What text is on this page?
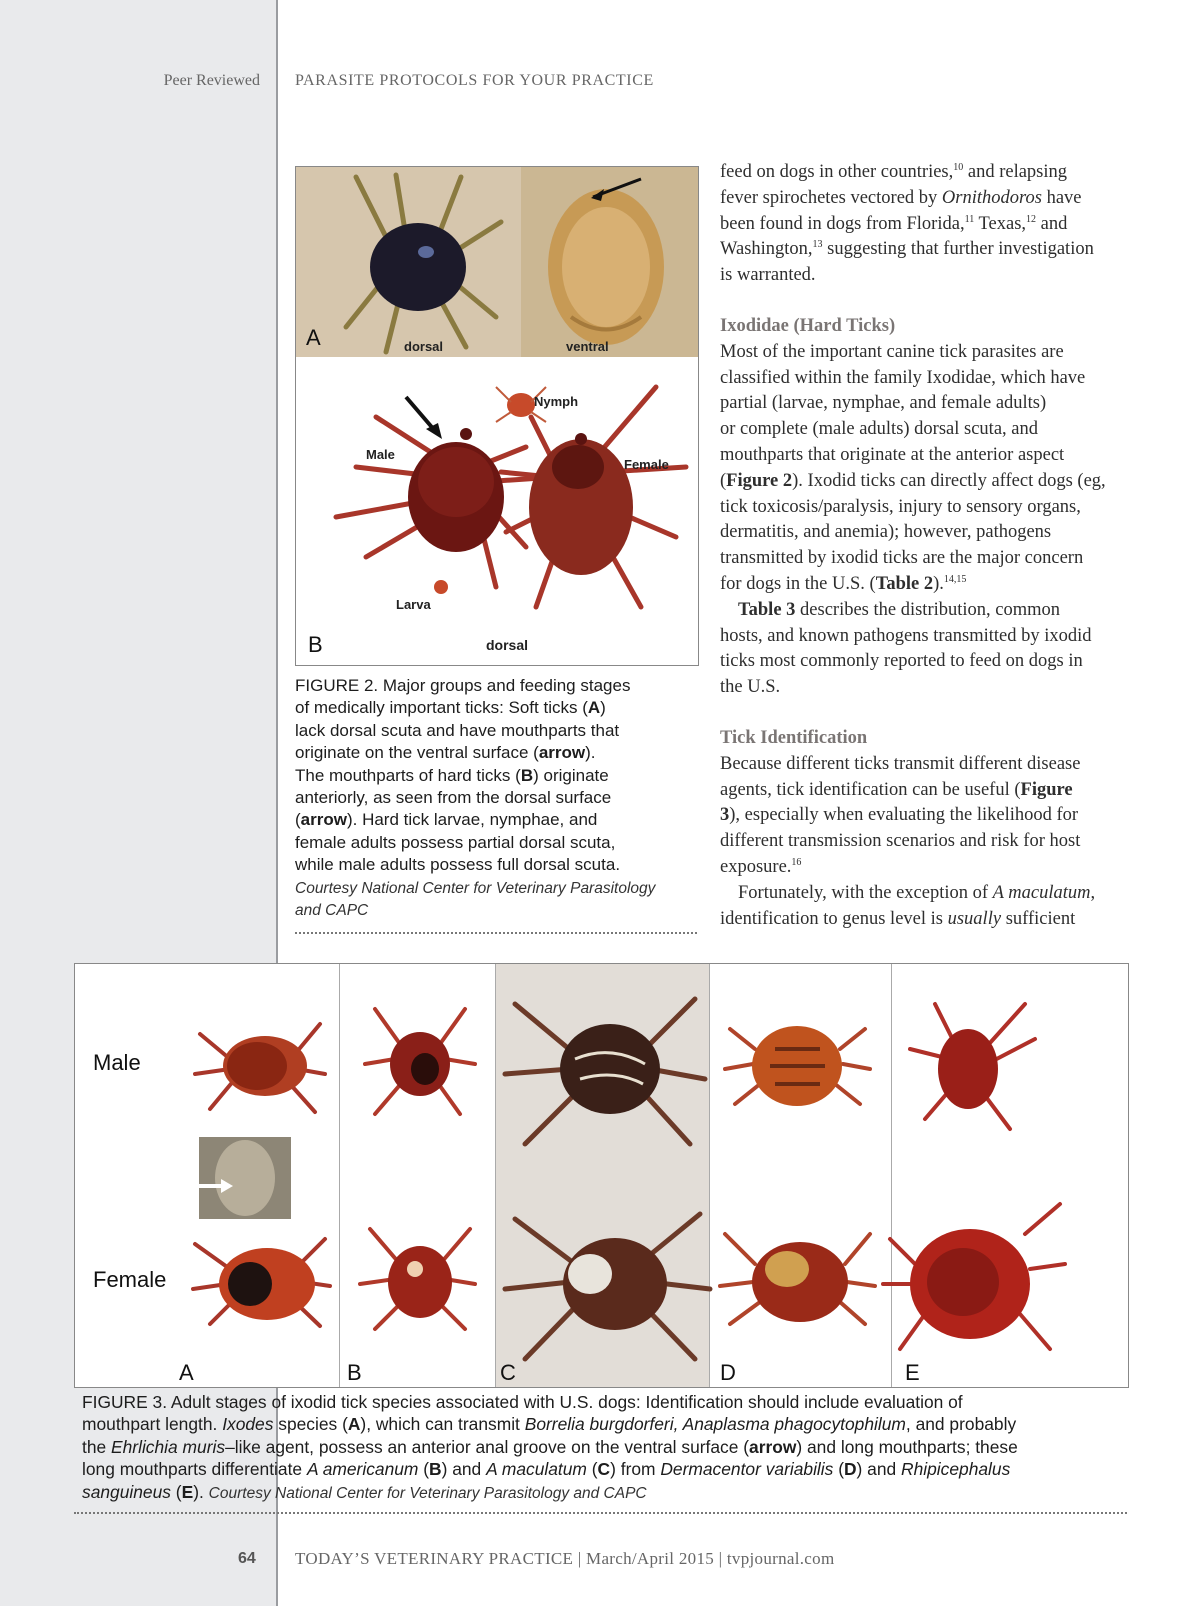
Peer Reviewed PARASITE PROTOCOLS FOR YOUR PRACTICE
A	dorsal	ventral
Male
Female
Nymph
Larva
B	dorsal
FIGURE 2. Major groups and feeding stages
of medically important ticks: Soft ticks (A)
lack dorsal scuta and have mouthparts that
originate on the ventral surface (arrow).
The mouthparts of hard ticks (B) originate
anteriorly, as seen from the dorsal surface
(arrow). Hard tick larvae, nymphae, and
female adults possess partial dorsal scuta,
while male adults possess full dorsal scuta.
Courtesy National Center for Veterinary Parasitology
and CAPC

feed on dogs in other countries,$^{10}$ and relapsing
fever spirochetes vectored by Ornithodoros have
been found in dogs from Florida,$^{11}$ Texas,$^{12}$ and
Washington,$^{13}$ suggesting that further investigation
is warranted.

Ixodidae (Hard Ticks)

Most of the important canine tick parasites are
classified within the family Ixodidae, which have
partial (larvae, nymphae, and female adults)
or complete (male adults) dorsal scuta, and
mouthparts that originate at the anterior aspect
(Figure 2). Ixodid ticks can directly affect dogs (eg,
tick toxicosis/paralysis, injury to sensory organs,
dermatitis, and anemia); however, pathogens
transmitted by ixodid ticks are the major concern
for dogs in the U.S. (Table 2).$^{14,15}$

Table 3 describes the distribution, common
hosts, and known pathogens transmitted by ixodid
ticks most commonly reported to feed on dogs in
the U.S.

Tick Identification

Because different ticks transmit different disease
agents, tick identification can be useful (Figure
3), especially when evaluating the likelihood for
different transmission scenarios and risk for host
exposure.$^{16}$

Fortunately, with the exception of A maculatum,
identification to genus level is usually sufficient

Male
Female
A	B	C	D	E
FIGURE 3. Adult stages of ixodid tick species associated with U.S. dogs: Identification should include evaluation of
mouthpart length. Ixodes species (A), which can transmit Borrelia burgdorferi, Anaplasma phagocytophilum, and probably
the Ehrlichia muris–like agent, possess an anterior anal groove on the ventral surface (arrow) and long mouthparts; these
long mouthparts differentiate A americanum (B) and A maculatum (C) from Dermacentor variabilis (D) and Rhipicephalus
sanguineus (E). Courtesy National Center for Veterinary Parasitology and CAPC
64 TODAY’S VETERINARY PRACTICE | March/April 2015 | tvpjournal.com
